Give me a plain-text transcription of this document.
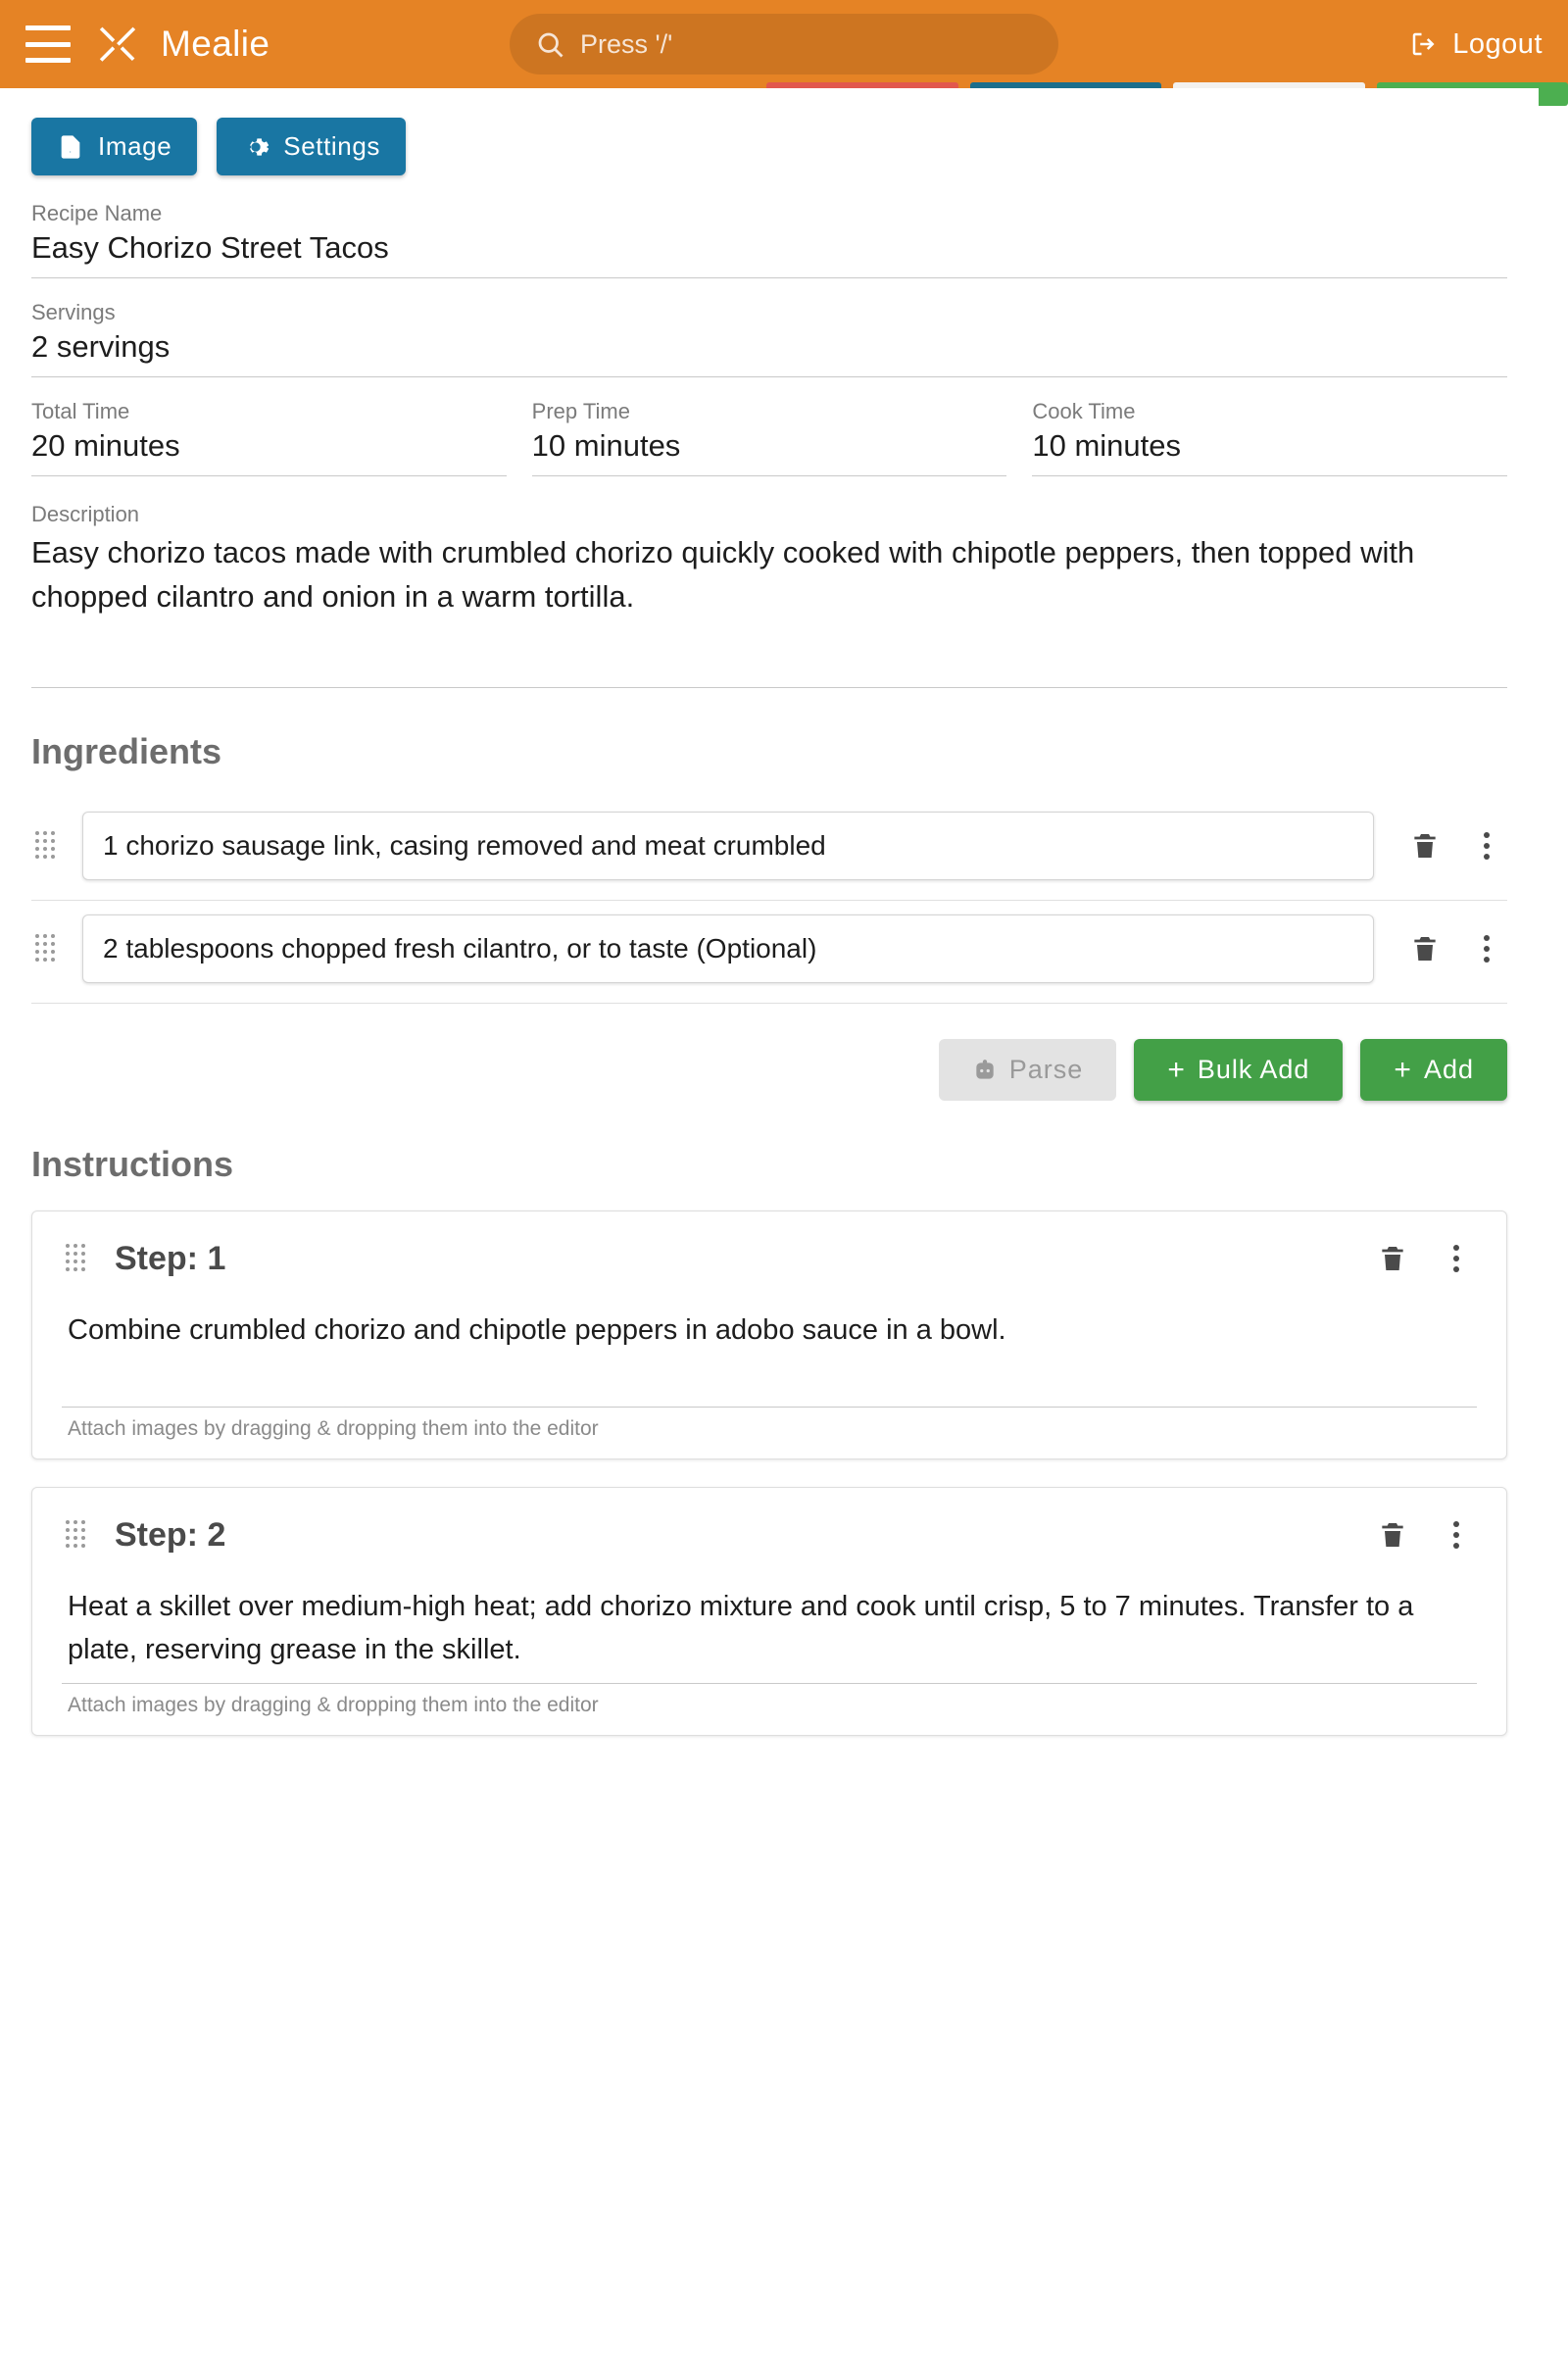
Mealie	Press '/'	Logout
Image	Settings
Recipe Name
Easy Chorizo Street Tacos
Servings
2 servings
Total Time
20 minutes
Prep Time
10 minutes
Cook Time
10 minutes
Description
Easy chorizo tacos made with crumbled chorizo quickly cooked with chipotle peppers, then topped with chopped cilantro and onion in a warm tortilla.
Ingredients
1 chorizo sausage link, casing removed and meat crumbled
2 tablespoons chopped fresh cilantro, or to taste (Optional)
Parse	+ Bulk Add	+ Add
Instructions
Step: 1
Combine crumbled chorizo and chipotle peppers in adobo sauce in a bowl.
Attach images by dragging & dropping them into the editor
Step: 2
Heat a skillet over medium-high heat; add chorizo mixture and cook until crisp, 5 to 7 minutes. Transfer to a plate, reserving grease in the skillet.
Attach images by dragging & dropping them into the editor
